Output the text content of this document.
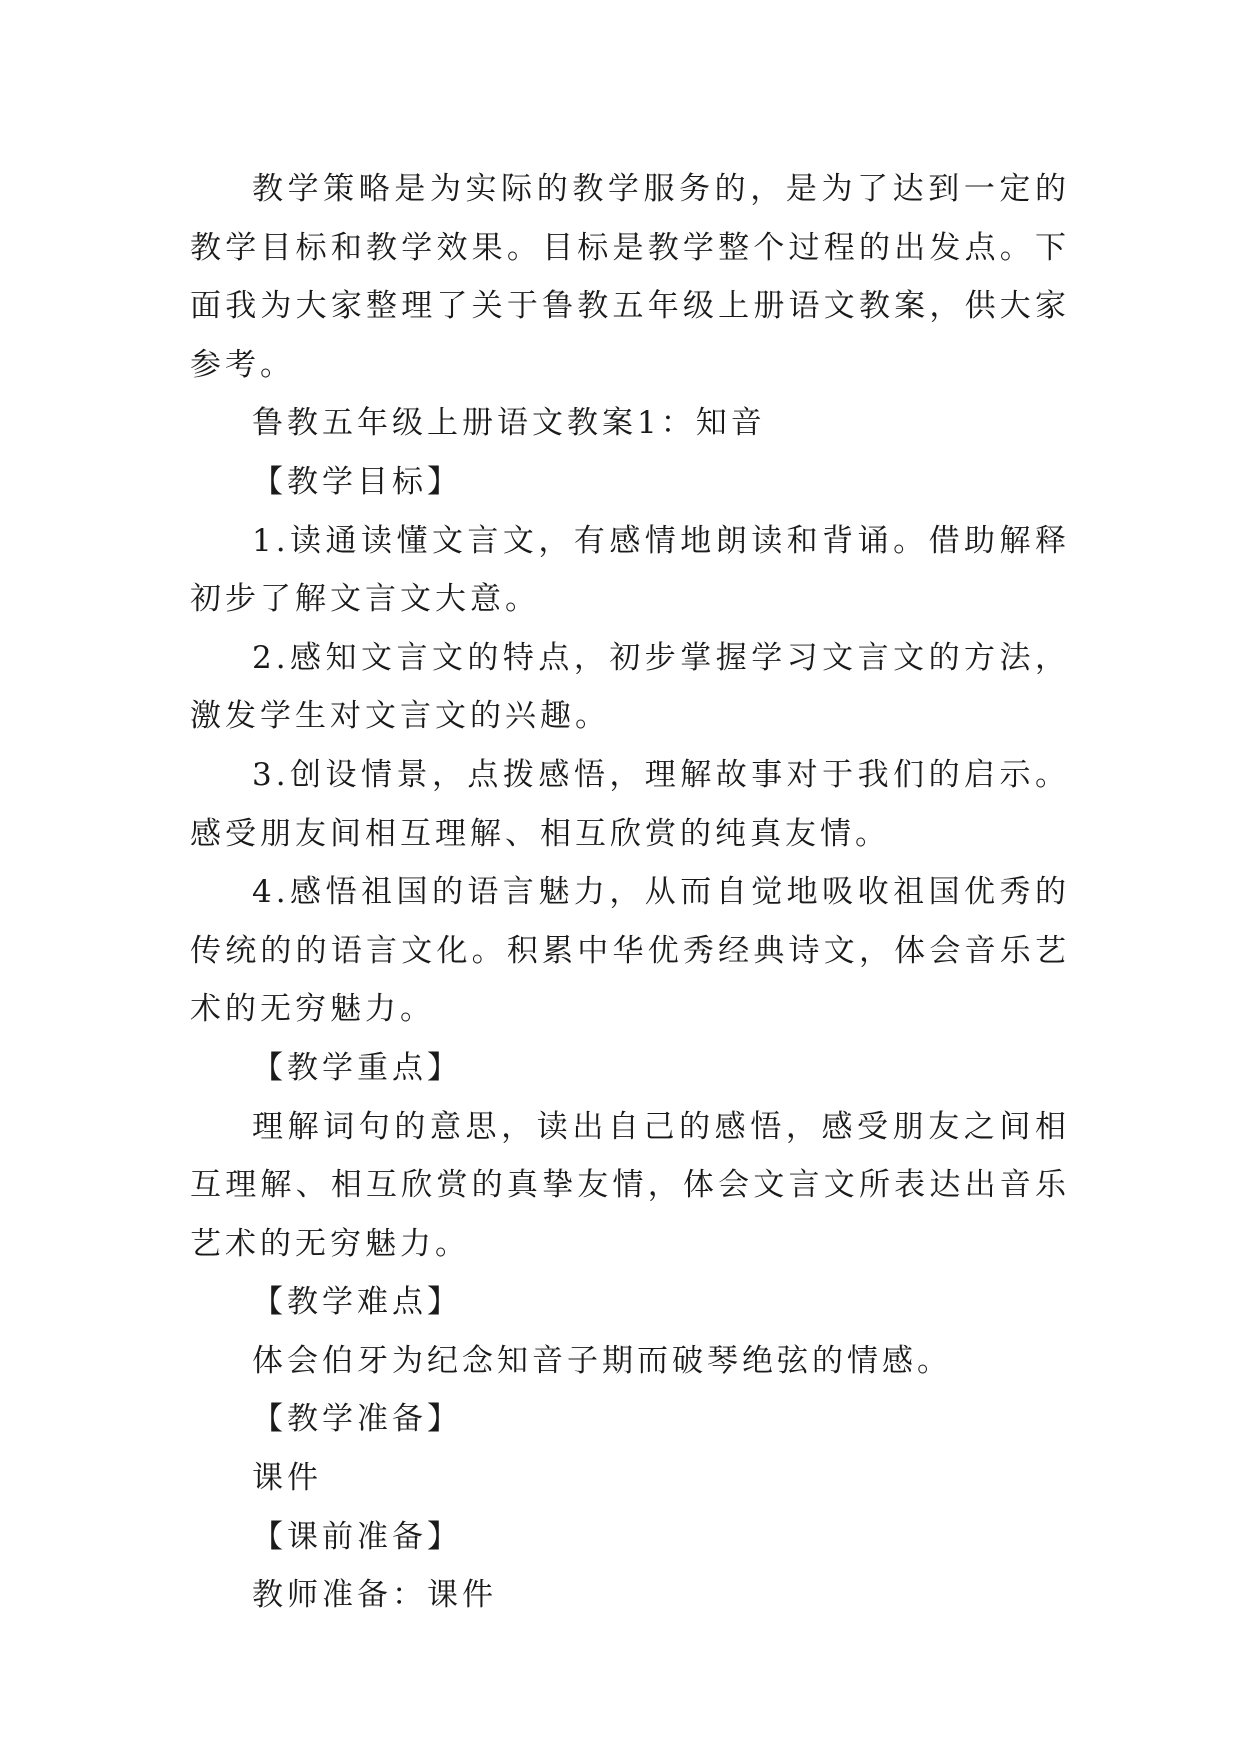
教学策略是为实际的教学服务的，是为了达到一定的教学目标和教学效果。目标是教学整个过程的出发点。下面我为大家整理了关于鲁教五年级上册语文教案，供大家参考。

鲁教五年级上册语文教案1：知音

【教学目标】

1.读通读懂文言文，有感情地朗读和背诵。借助解释初步了解文言文大意。

2.感知文言文的特点，初步掌握学习文言文的方法，激发学生对文言文的兴趣。

3.创设情景，点拨感悟，理解故事对于我们的启示。感受朋友间相互理解、相互欣赏的纯真友情。

4.感悟祖国的语言魅力，从而自觉地吸收祖国优秀的传统的的语言文化。积累中华优秀经典诗文，体会音乐艺术的无穷魅力。

【教学重点】

理解词句的意思，读出自己的感悟，感受朋友之间相互理解、相互欣赏的真挚友情，体会文言文所表达出音乐艺术的无穷魅力。

【教学难点】

体会伯牙为纪念知音子期而破琴绝弦的情感。

【教学准备】

课件

【课前准备】

教师准备：课件
